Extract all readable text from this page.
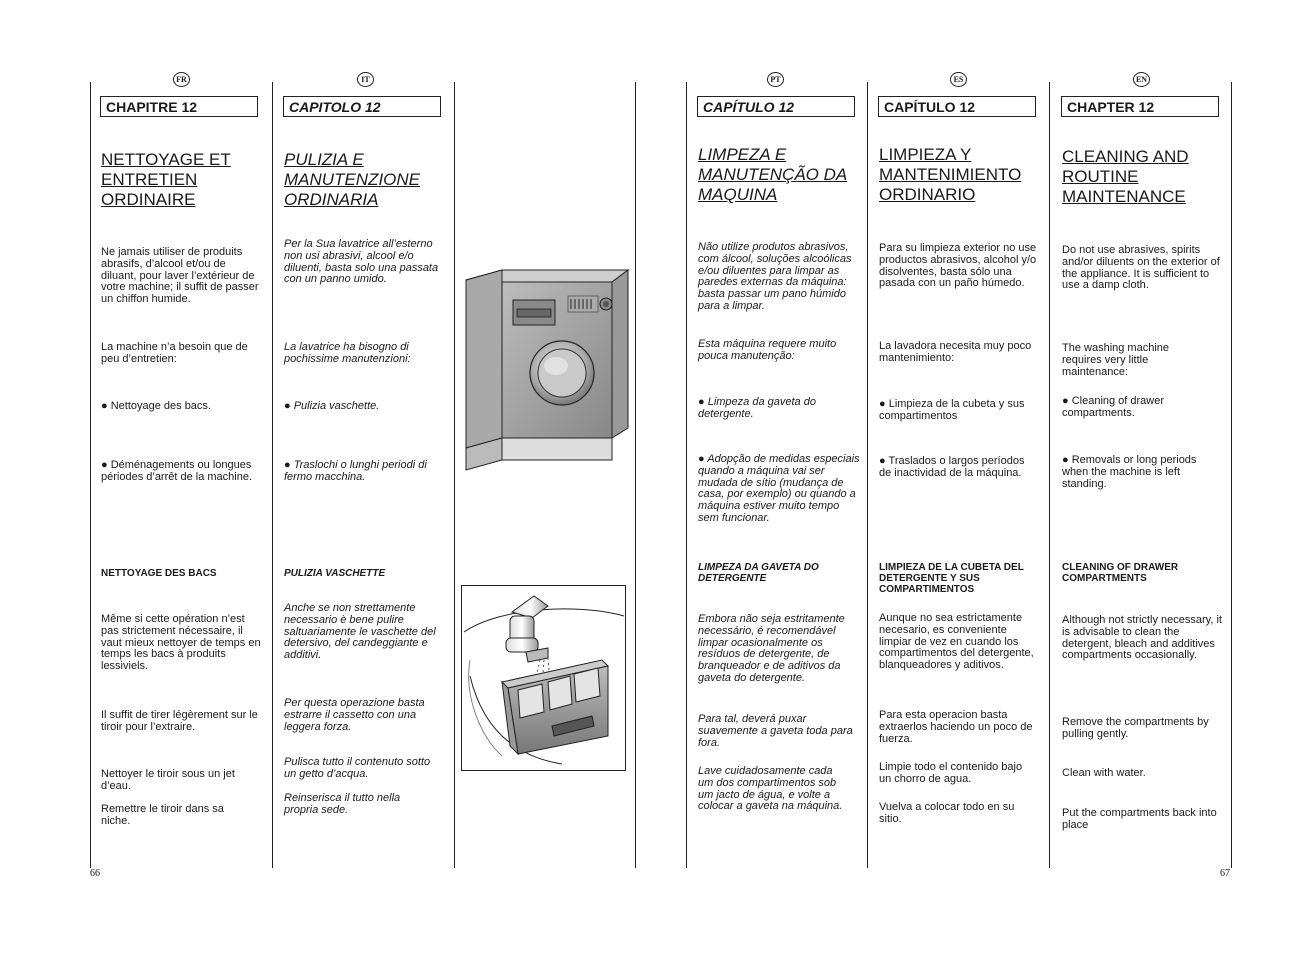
FR
CHAPITRE 12
NETTOYAGE ET ENTRETIEN ORDINAIRE
Ne jamais utiliser de produits abrasifs, d’alcool et/ou de diluant, pour laver l’extérieur de votre machine; il suffit de passer un chiffon humide.
La machine n’a besoin que de peu d’entretien:
● Nettoyage des bacs.
● Déménagements ou longues périodes d’arrêt de la machine.
NETTOYAGE DES BACS
Même si cette opération n’est pas strictement nécessaire, il vaut mieux nettoyer de temps en temps les bacs à produits lessiviels.
Il suffit de tirer légèrement sur le tiroir pour l’extraire.
Nettoyer le tiroir sous un jet d’eau.
Remettre le tiroir dans sa niche.
IT
CAPITOLO 12
PULIZIA E MANUTENZIONE ORDINARIA
Per la Sua lavatrice all’esterno non usi abrasivi, alcool e/o diluenti, basta solo una passata con un panno umido.
La lavatrice ha bisogno di pochissime manutenzioni:
● Pulizia vaschette.
● Traslochi o lunghi periodi di fermo macchina.
PULIZIA VASCHETTE
Anche se non strettamente necessario è bene pulire saltuariamente le vaschette del detersivo, del candeggiante e additivi.
Per questa operazione basta estrarre il cassetto con una leggera forza.
Pulisca tutto il contenuto sotto un getto d’acqua.
Reinserisca il tutto nella propria sede.
PT
CAPÍTULO 12
LIMPEZA E MANUTENÇÃO DA MAQUINA
Não utilize produtos abrasivos, com álcool, soluções alcoólicas e/ou diluentes para limpar as paredes externas da máquina: basta passar um pano húmido para a limpar.
Esta máquina requere muito pouca manutenção:
● Limpeza da gaveta do detergente.
● Adopção de medidas especiais quando a máquina vai ser mudada de sítio (mudança de casa, por exemplo) ou quando a máquina estiver muito tempo sem funcionar.
LIMPEZA DA GAVETA DO DETERGENTE
Embora não seja estritamente necessário, é recomendável limpar ocasionalmente os resíduos de detergente, de branqueador e de aditivos da gaveta do detergente.
Para tal, deverá puxar suavemente a gaveta toda para fora.
Lave cuidadosamente cada um dos compartimentos sob um jacto de água, e volte a colocar a gaveta na máquina.
ES
CAPÍTULO 12
LIMPIEZA Y MANTENIMIENTO ORDINARIO
Para su limpieza exterior no use productos abrasivos, alcohol y/o disolventes, basta sólo una pasada con un paño húmedo.
La lavadora necesita muy poco mantenimiento:
● Limpieza de la cubeta y sus compartimentos
● Traslados o largos períodos de inactividad de la máquina.
LIMPIEZA DE LA CUBETA DEL DETERGENTE Y SUS COMPARTIMENTOS
Aunque no sea estrictamente necesario, es conveniente limpiar de vez en cuando los compartimentos del detergente, blanqueadores y aditivos.
Para esta operacion basta extraerlos haciendo un poco de fuerza.
Limpie todo el contenido bajo un chorro de agua.
Vuelva a colocar todo en su sitio.
EN
CHAPTER 12
CLEANING AND ROUTINE MAINTENANCE
Do not use abrasives, spirits and/or diluents on the exterior of the appliance. It is sufficient to use a damp cloth.
The washing machine requires very little maintenance:
● Cleaning of drawer compartments.
● Removals or long periods when the machine is left standing.
CLEANING OF DRAWER COMPARTMENTS
Although not strictly necessary, it is advisable to clean the detergent, bleach and additives compartments occasionally.
Remove the compartments by pulling gently.
Clean with water.
Put the compartments back into place
66	67
